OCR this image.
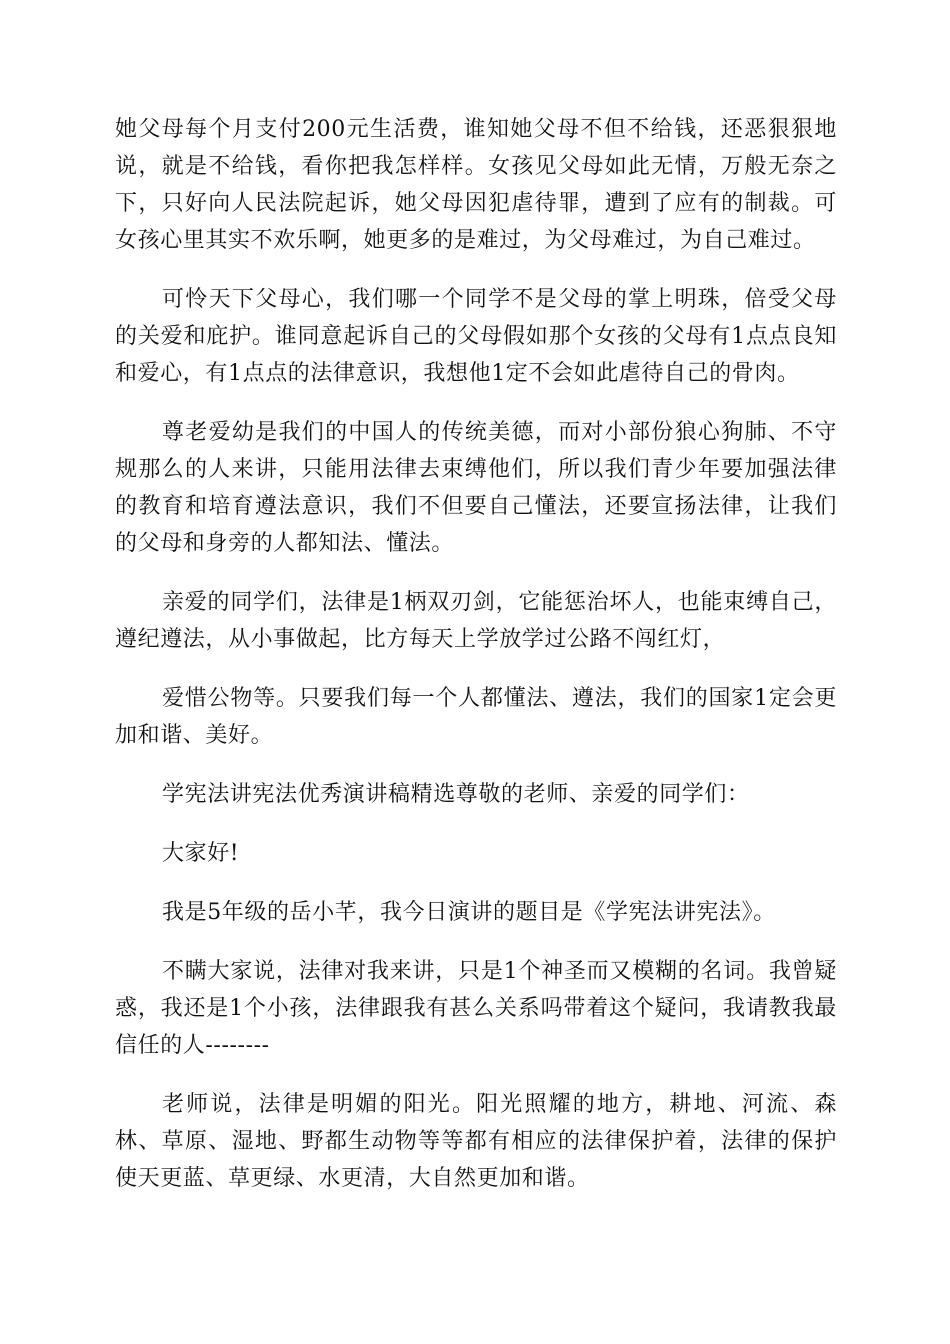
她父母每个月支付200元生活费，谁知她父母不但不给钱，还恶狠狠地说，就是不给钱，看你把我怎样样。女孩见父母如此无情，万般无奈之下，只好向人民法院起诉，她父母因犯虐待罪，遭到了应有的制裁。可女孩心里其实不欢乐啊，她更多的是难过，为父母难过，为自己难过。

可怜天下父母心，我们哪一个同学不是父母的掌上明珠，倍受父母的关爱和庇护。谁同意起诉自己的父母假如那个女孩的父母有1点点良知和爱心，有1点点的法律意识，我想他1定不会如此虐待自己的骨肉。

尊老爱幼是我们的中国人的传统美德，而对小部份狼心狗肺、不守规那么的人来讲，只能用法律去束缚他们，所以我们青少年要加强法律的教育和培育遵法意识，我们不但要自己懂法，还要宣扬法律，让我们的父母和身旁的人都知法、懂法。

亲爱的同学们，法律是1柄双刃剑，它能惩治坏人，也能束缚自己，遵纪遵法，从小事做起，比方每天上学放学过公路不闯红灯，

爱惜公物等。只要我们每一个人都懂法、遵法，我们的国家1定会更加和谐、美好。

学宪法讲宪法优秀演讲稿精选尊敬的老师、亲爱的同学们：

大家好!

我是5年级的岳小芊，我今日演讲的题目是《学宪法讲宪法》。

不瞒大家说，法律对我来讲，只是1个神圣而又模糊的名词。我曾疑惑，我还是1个小孩，法律跟我有甚么关系吗带着这个疑问，我请教我最信任的人--------

老师说，法律是明媚的阳光。阳光照耀的地方，耕地、河流、森林、草原、湿地、野都生动物等等都有相应的法律保护着，法律的保护使天更蓝、草更绿、水更清，大自然更加和谐。
